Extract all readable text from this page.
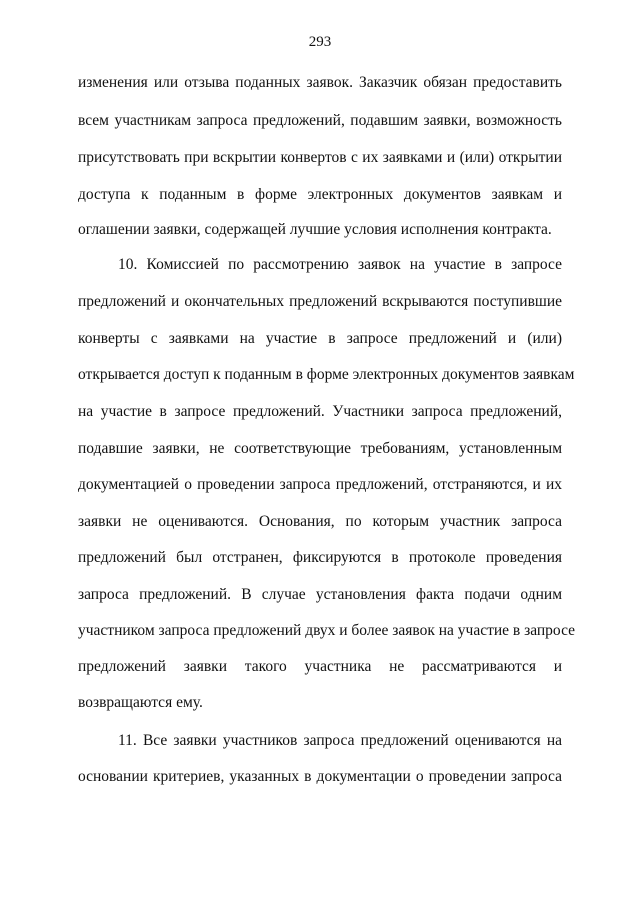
293
изменения или отзыва поданных заявок. Заказчик обязан предоставить
всем участникам запроса предложений, подавшим заявки, возможность
присутствовать при вскрытии конвертов с их заявками и (или) открытии
доступа к поданным в форме электронных документов заявкам и
оглашении заявки, содержащей лучшие условия исполнения контракта.
10. Комиссией по рассмотрению заявок на участие в запросе
предложений и окончательных предложений вскрываются поступившие
конверты с заявками на участие в запросе предложений и (или)
открывается доступ к поданным в форме электронных документов заявкам
на участие в запросе предложений. Участники запроса предложений,
подавшие заявки, не соответствующие требованиям, установленным
документацией о проведении запроса предложений, отстраняются, и их
заявки не оцениваются. Основания, по которым участник запроса
предложений был отстранен, фиксируются в протоколе проведения
запроса предложений. В случае установления факта подачи одним
участником запроса предложений двух и более заявок на участие в запросе
предложений заявки такого участника не рассматриваются и
возвращаются ему.
11. Все заявки участников запроса предложений оцениваются на
основании критериев, указанных в документации о проведении запроса
